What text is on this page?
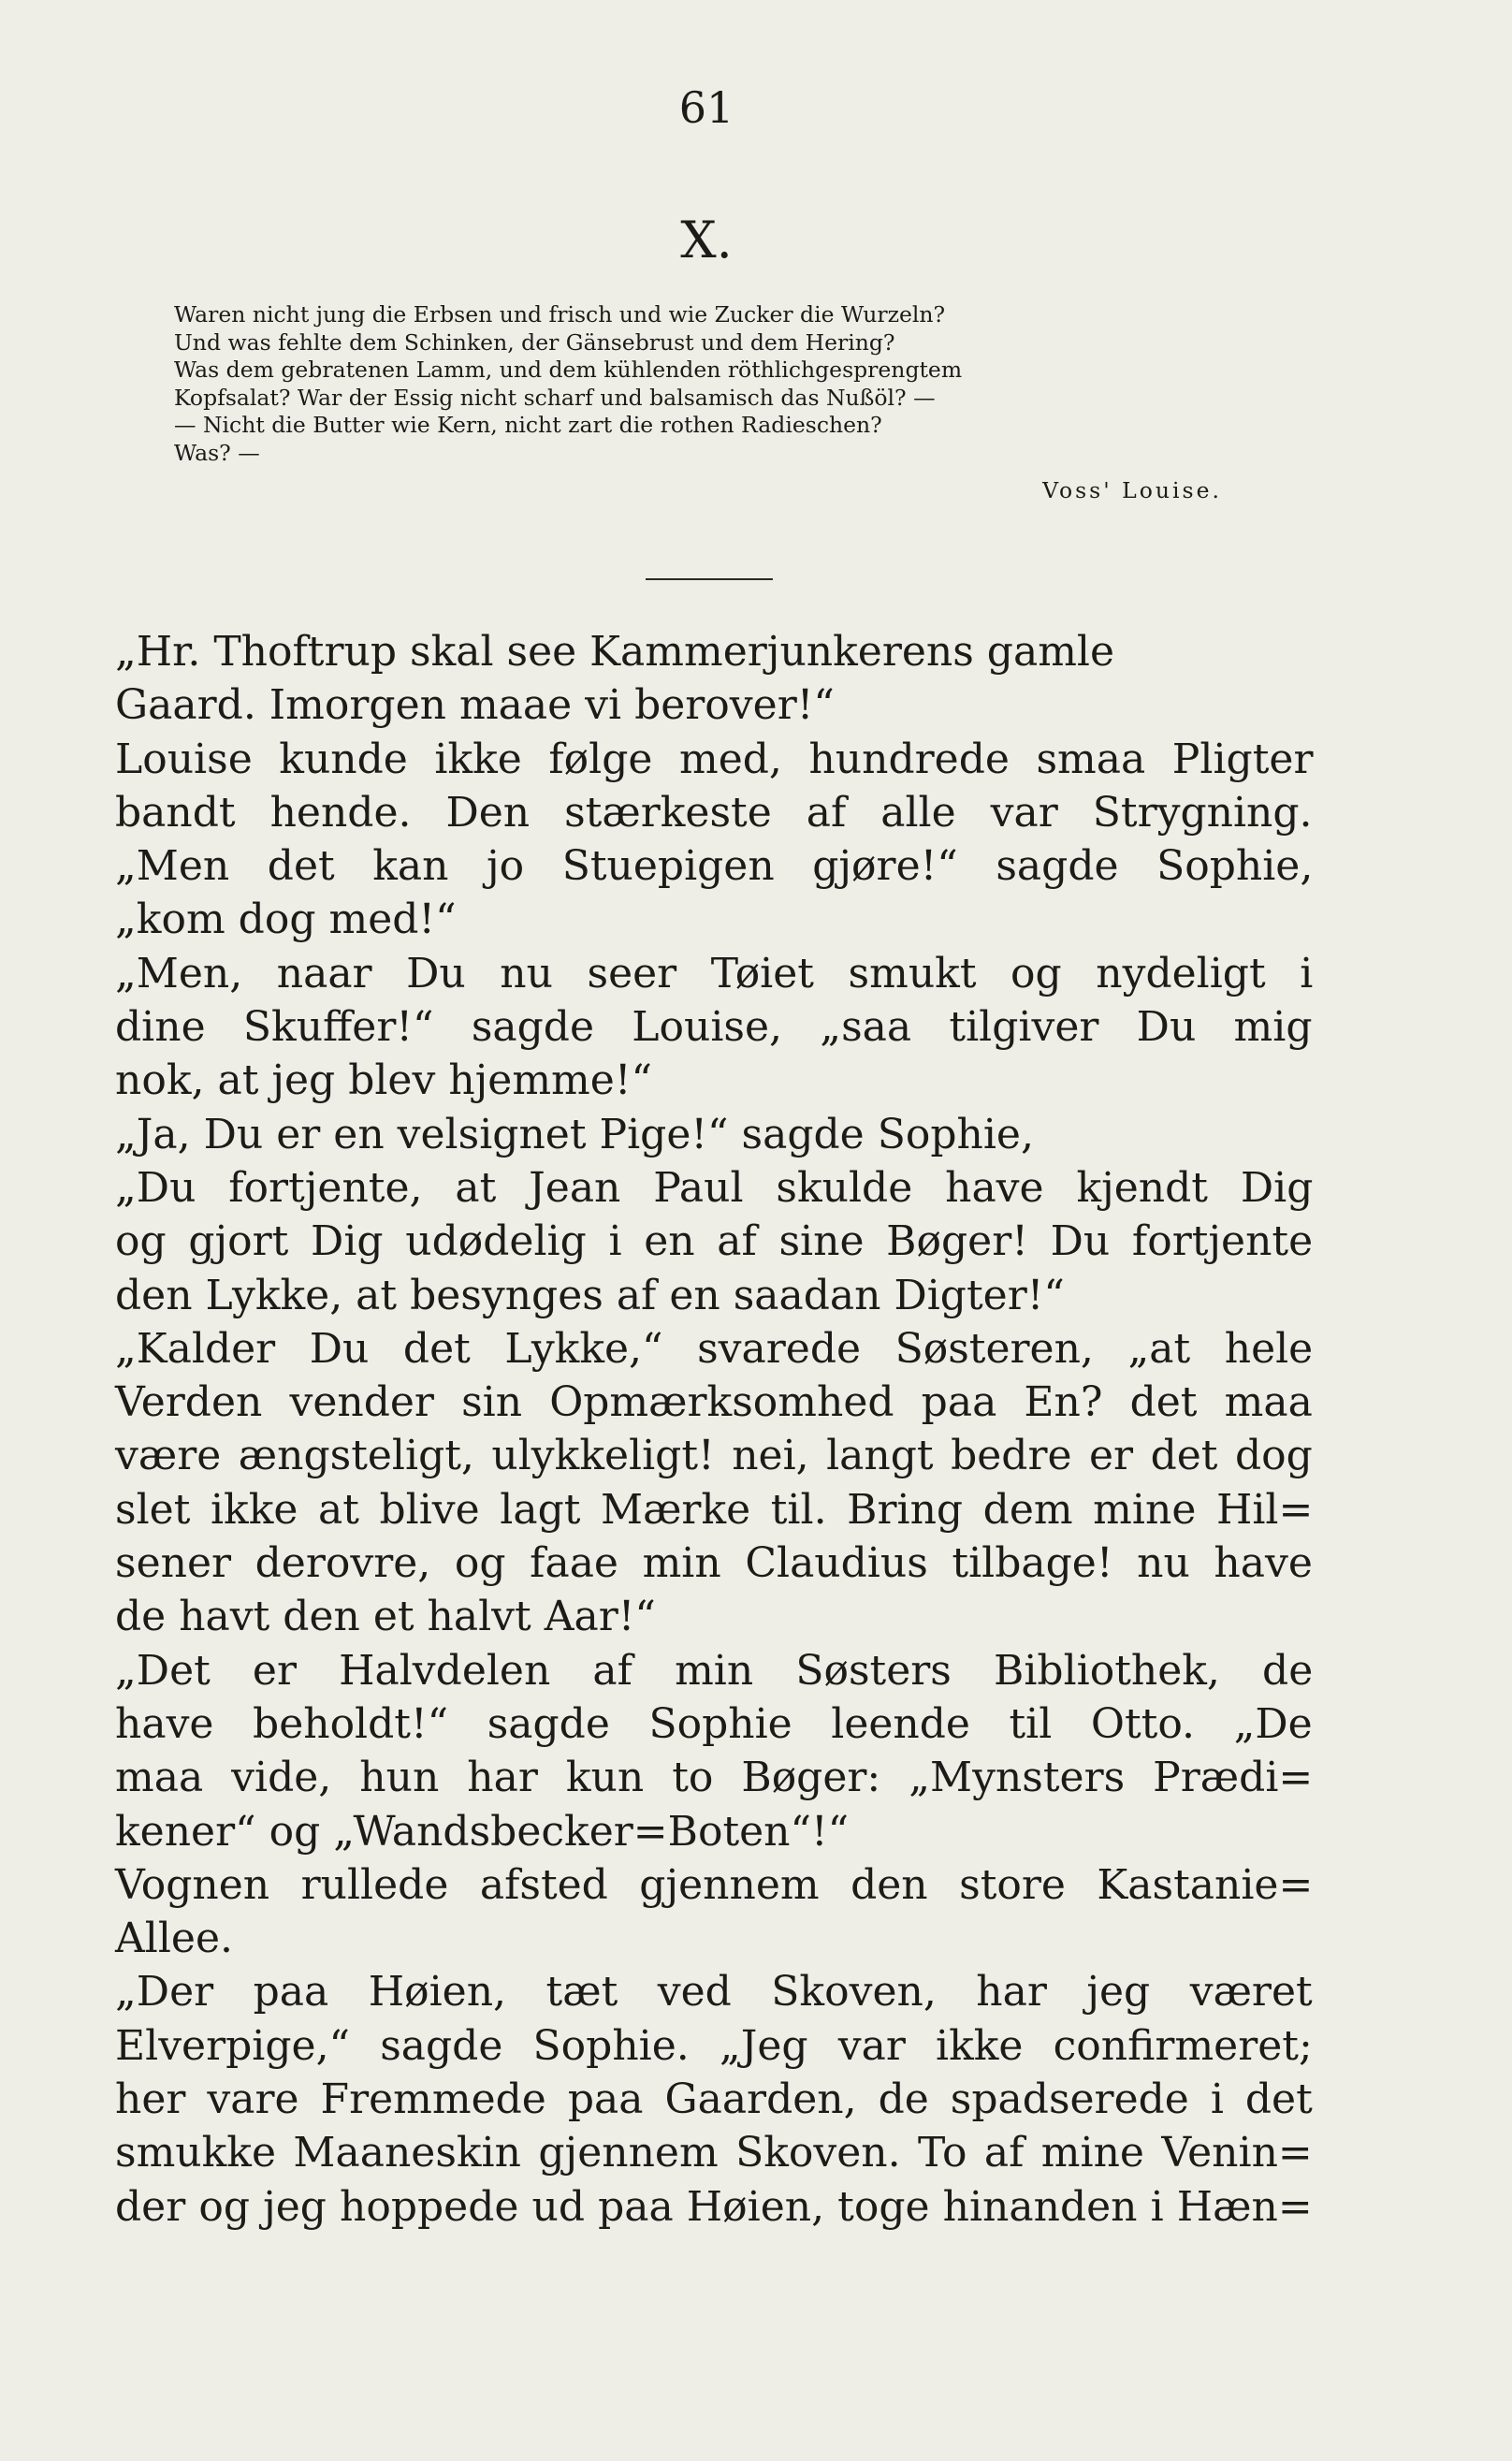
61
X.
Waren nicht jung die Erbsen und frisch und wie Zucker die Wurzeln?
Und was fehlte dem Schinken, der Gänsebrust und dem Hering?
Was dem gebratenen Lamm, und dem kühlenden röthlichgesprengtem
Kopfsalat? War der Essig nicht scharf und balsamisch das Nußöl? —
— Nicht die Butter wie Kern, nicht zart die rothen Radieschen?
Was? —
Voss' Louise.
„Hr. Thoftrup skal see Kammerjunkerens gamle
Gaard. Imorgen maae vi berover!“
Louise kunde ikke følge med, hundrede smaa Pligter
bandt hende. Den stærkeste af alle var Strygning.
„Men det kan jo Stuepigen gjøre!“ sagde Sophie,
„kom dog med!“
„Men, naar Du nu seer Tøiet smukt og nydeligt i
dine Skuffer!“ sagde Louise, „saa tilgiver Du mig
nok, at jeg blev hjemme!“
„Ja, Du er en velsignet Pige!“ sagde Sophie,
„Du fortjente, at Jean Paul skulde have kjendt Dig
og gjort Dig udødelig i en af sine Bøger! Du fortjente
den Lykke, at besynges af en saadan Digter!“
„Kalder Du det Lykke,“ svarede Søsteren, „at hele
Verden vender sin Opmærksomhed paa En? det maa
være ængsteligt, ulykkeligt! nei, langt bedre er det dog
slet ikke at blive lagt Mærke til. Bring dem mine Hil=
sener derovre, og faae min Claudius tilbage! nu have
de havt den et halvt Aar!“
„Det er Halvdelen af min Søsters Bibliothek, de
have beholdt!“ sagde Sophie leende til Otto. „De
maa vide, hun har kun to Bøger: „Mynsters Prædi=
kener“ og „Wandsbecker=Boten“!“
Vognen rullede afsted gjennem den store Kastanie=
Allee.
„Der paa Høien, tæt ved Skoven, har jeg været
Elverpige,“ sagde Sophie. „Jeg var ikke confirmeret;
her vare Fremmede paa Gaarden, de spadserede i det
smukke Maaneskin gjennem Skoven. To af mine Venin=
der og jeg hoppede ud paa Høien, toge hinanden i Hæn=
